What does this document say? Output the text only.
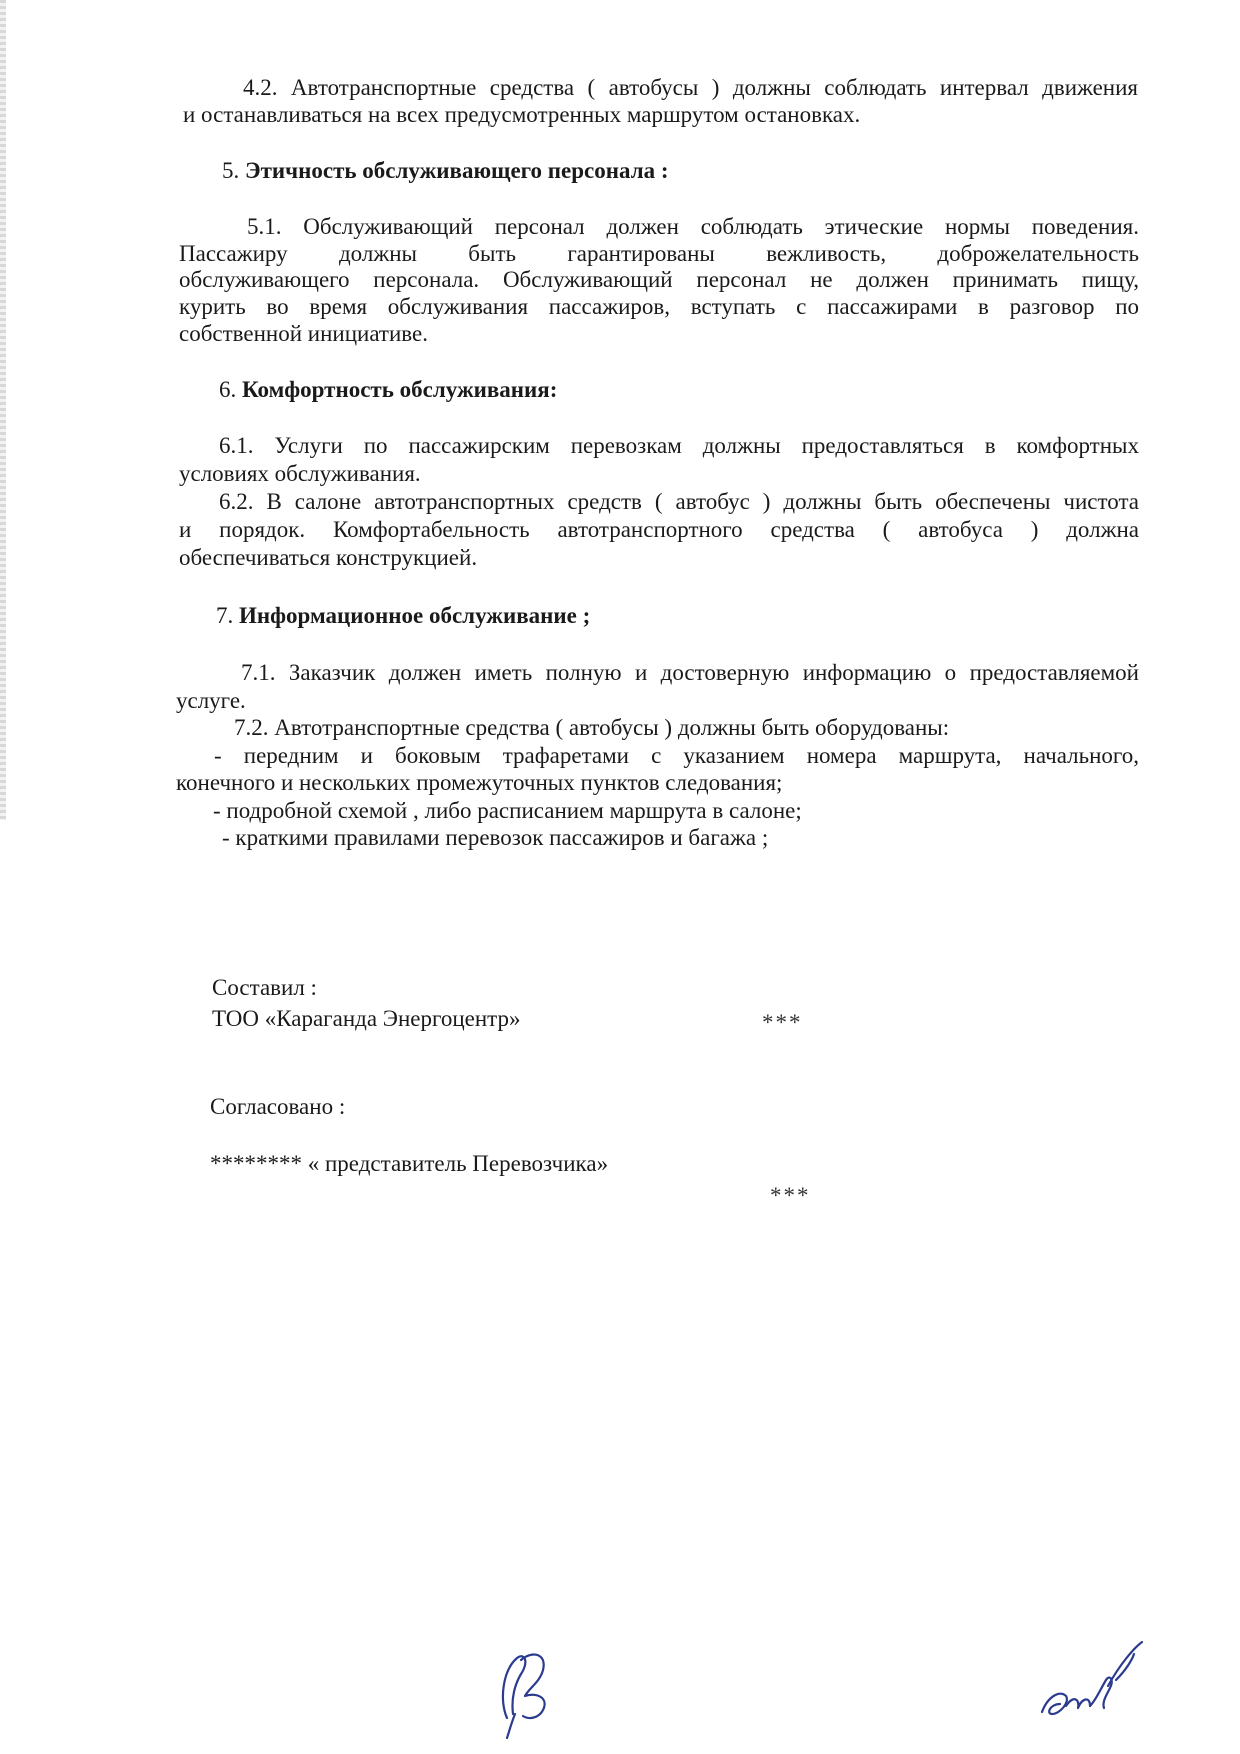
4.2. Автотранспортные средства ( автобусы ) должны соблюдать интервал движения
и останавливаться на всех предусмотренных маршрутом остановках.
5. Этичность обслуживающего персонала :
5.1. Обслуживающий персонал должен соблюдать этические нормы поведения.
Пассажиру должны быть гарантированы вежливость, доброжелательность
обслуживающего персонала. Обслуживающий персонал не должен принимать пищу,
курить во время обслуживания пассажиров, вступать с пассажирами в разговор по
собственной инициативе.
6. Комфортность обслуживания:
6.1. Услуги по пассажирским перевозкам должны предоставляться в комфортных
условиях обслуживания.
6.2. В салоне автотранспортных средств ( автобус ) должны быть обеспечены чистота
и порядок. Комфортабельность автотранспортного средства ( автобуса ) должна
обеспечиваться конструкцией.
7. Информационное обслуживание ;
7.1. Заказчик должен иметь полную и достоверную информацию о предоставляемой
услуге.
7.2. Автотранспортные средства ( автобусы ) должны быть оборудованы:
- передним и боковым трафаретами с указанием номера маршрута, начального,
конечного и нескольких промежуточных пунктов следования;
- подробной схемой , либо расписанием маршрута в салоне;
- краткими правилами перевозок пассажиров и багажа ;
Составил :
ТОО «Караганда Энергоцентр»	***
Согласовано :
******** « представитель Перевозчика»
***
